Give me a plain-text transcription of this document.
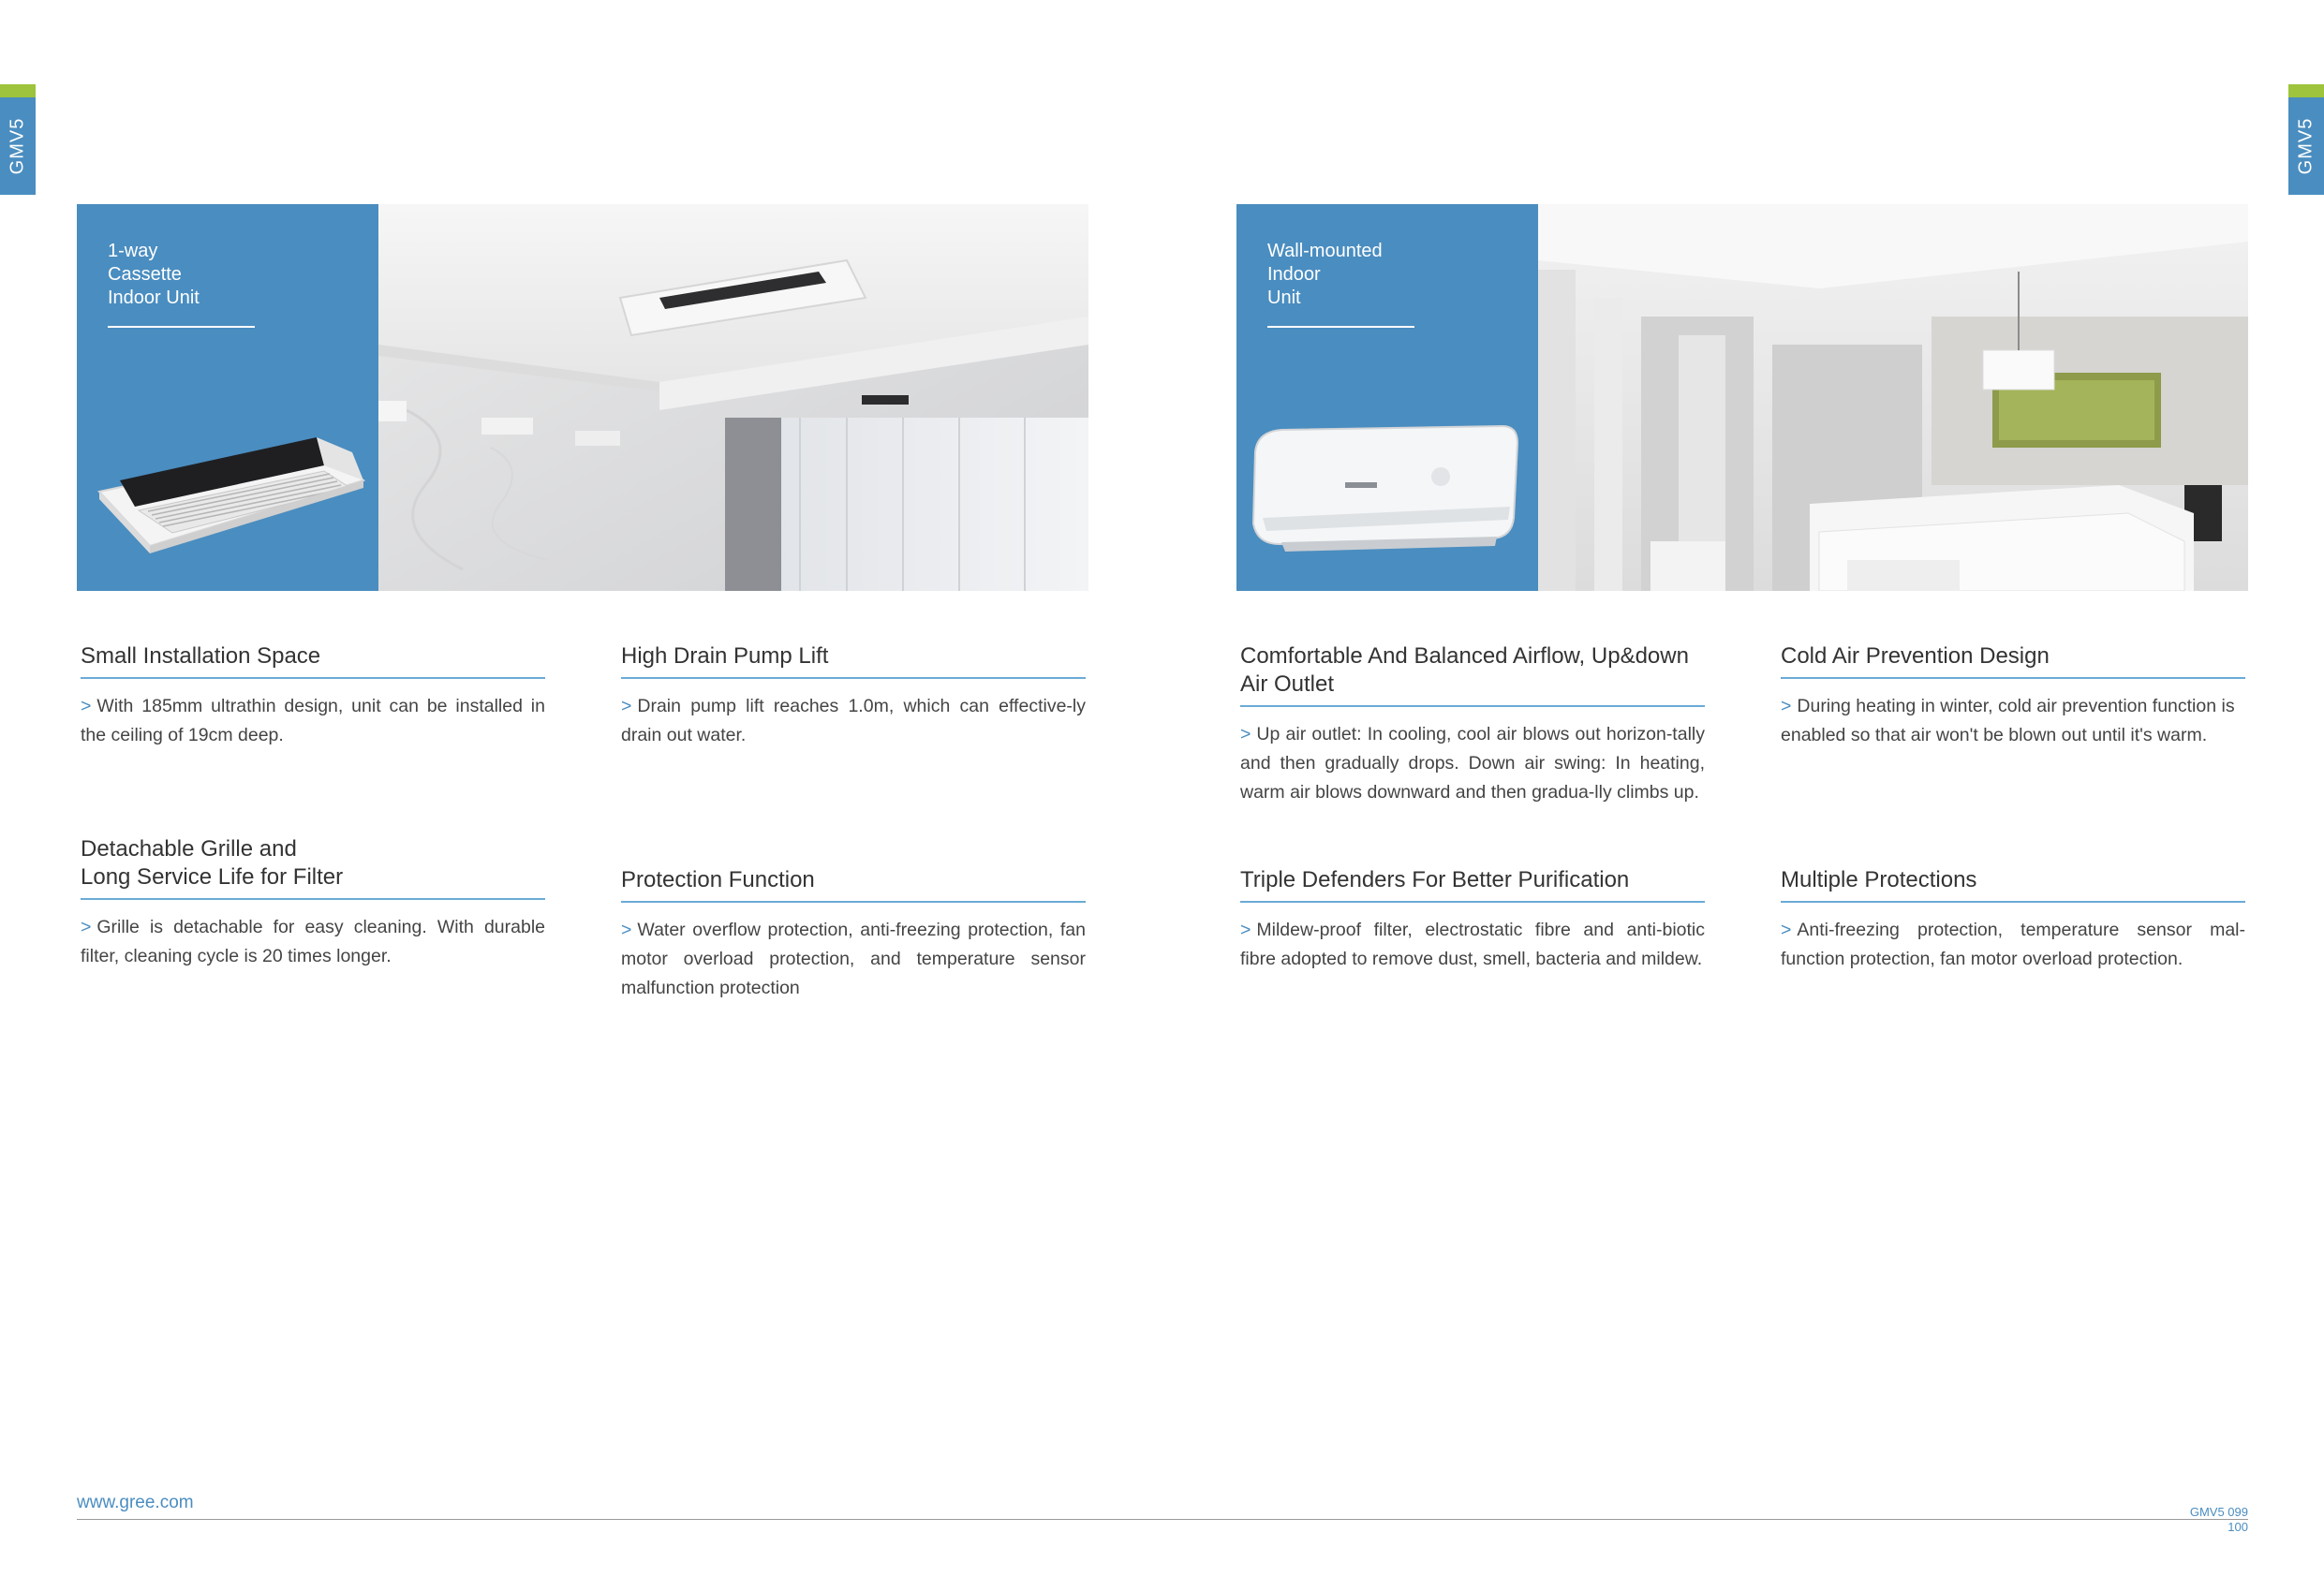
GMV5	GMV5
1-way
Cassette
Indoor Unit
Wall-mounted
Indoor
Unit
Small Installation Space

> With 185mm ultrathin design, unit can be installed in the ceiling of 19cm deep.

High Drain Pump Lift

> Drain pump lift reaches 1.0m, which can effective-ly drain out water.

Comfortable And Balanced Airflow, Up&down Air Outlet

> Up air outlet: In cooling, cool air blows out horizon-tally and then gradually drops. Down air swing: In heating, warm air blows downward and then gradua-lly climbs up.

Cold Air Prevention Design

> During heating in winter, cold air prevention function is enabled so that air won't be blown out until it's warm.

Detachable Grille and
Long Service Life for Filter

> Grille is detachable for easy cleaning. With durable filter, cleaning cycle is 20 times longer.

Protection Function

> Water overflow protection, anti-freezing protection, fan motor overload protection, and temperature sensor malfunction protection

Triple Defenders For Better Purification

> Mildew-proof filter, electrostatic fibre and anti-biotic fibre adopted to remove dust, smell, bacteria and mildew.

Multiple Protections

> Anti-freezing protection, temperature sensor mal-function protection, fan motor overload protection.

www.gree.com	GMV5 099
100
